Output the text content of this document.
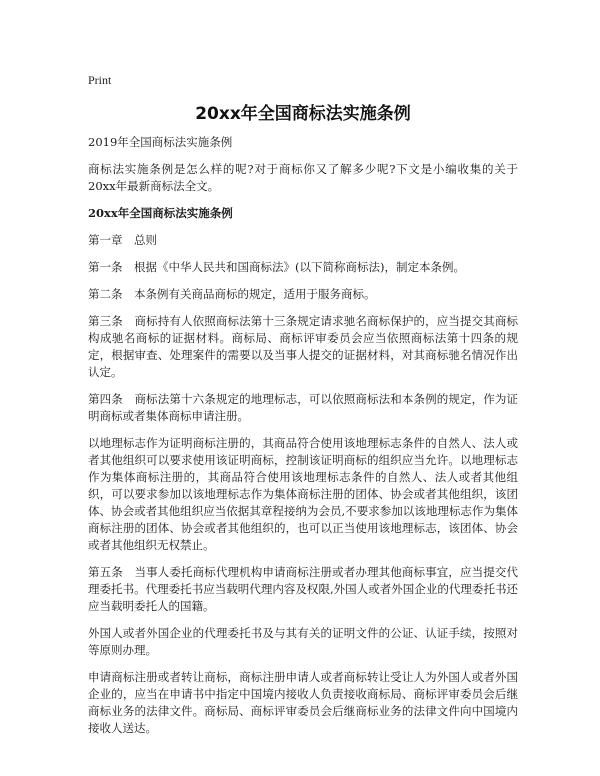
Print
20xx年全国商标法实施条例

2019年全国商标法实施条例

商标法实施条例是怎么样的呢?对于商标你又了解多少呢?下文是小编收集的关于20xx年最新商标法全文。

20xx年全国商标法实施条例

第一章　总则

第一条　根据《中华人民共和国商标法》(以下简称商标法)，制定本条例。

第二条　本条例有关商品商标的规定，适用于服务商标。

第三条　商标持有人依照商标法第十三条规定请求驰名商标保护的，应当提交其商标构成驰名商标的证据材料。商标局、商标评审委员会应当依照商标法第十四条的规定，根据审查、处理案件的需要以及当事人提交的证据材料，对其商标驰名情况作出认定。

第四条　商标法第十六条规定的地理标志，可以依照商标法和本条例的规定，作为证明商标或者集体商标申请注册。

以地理标志作为证明商标注册的，其商品符合使用该地理标志条件的自然人、法人或者其他组织可以要求使用该证明商标，控制该证明商标的组织应当允许。以地理标志作为集体商标注册的，其商品符合使用该地理标志条件的自然人、法人或者其他组织，可以要求参加以该地理标志作为集体商标注册的团体、协会或者其他组织，该团体、协会或者其他组织应当依据其章程接纳为会员,不要求参加以该地理标志作为集体商标注册的团体、协会或者其他组织的，也可以正当使用该地理标志，该团体、协会或者其他组织无权禁止。

第五条　当事人委托商标代理机构申请商标注册或者办理其他商标事宜，应当提交代理委托书。代理委托书应当载明代理内容及权限,外国人或者外国企业的代理委托书还应当载明委托人的国籍。

外国人或者外国企业的代理委托书及与其有关的证明文件的公证、认证手续，按照对等原则办理。

申请商标注册或者转让商标，商标注册申请人或者商标转让受让人为外国人或者外国企业的，应当在申请书中指定中国境内接收人负责接收商标局、商标评审委员会后继商标业务的法律文件。商标局、商标评审委员会后继商标业务的法律文件向中国境内接收人送达。
